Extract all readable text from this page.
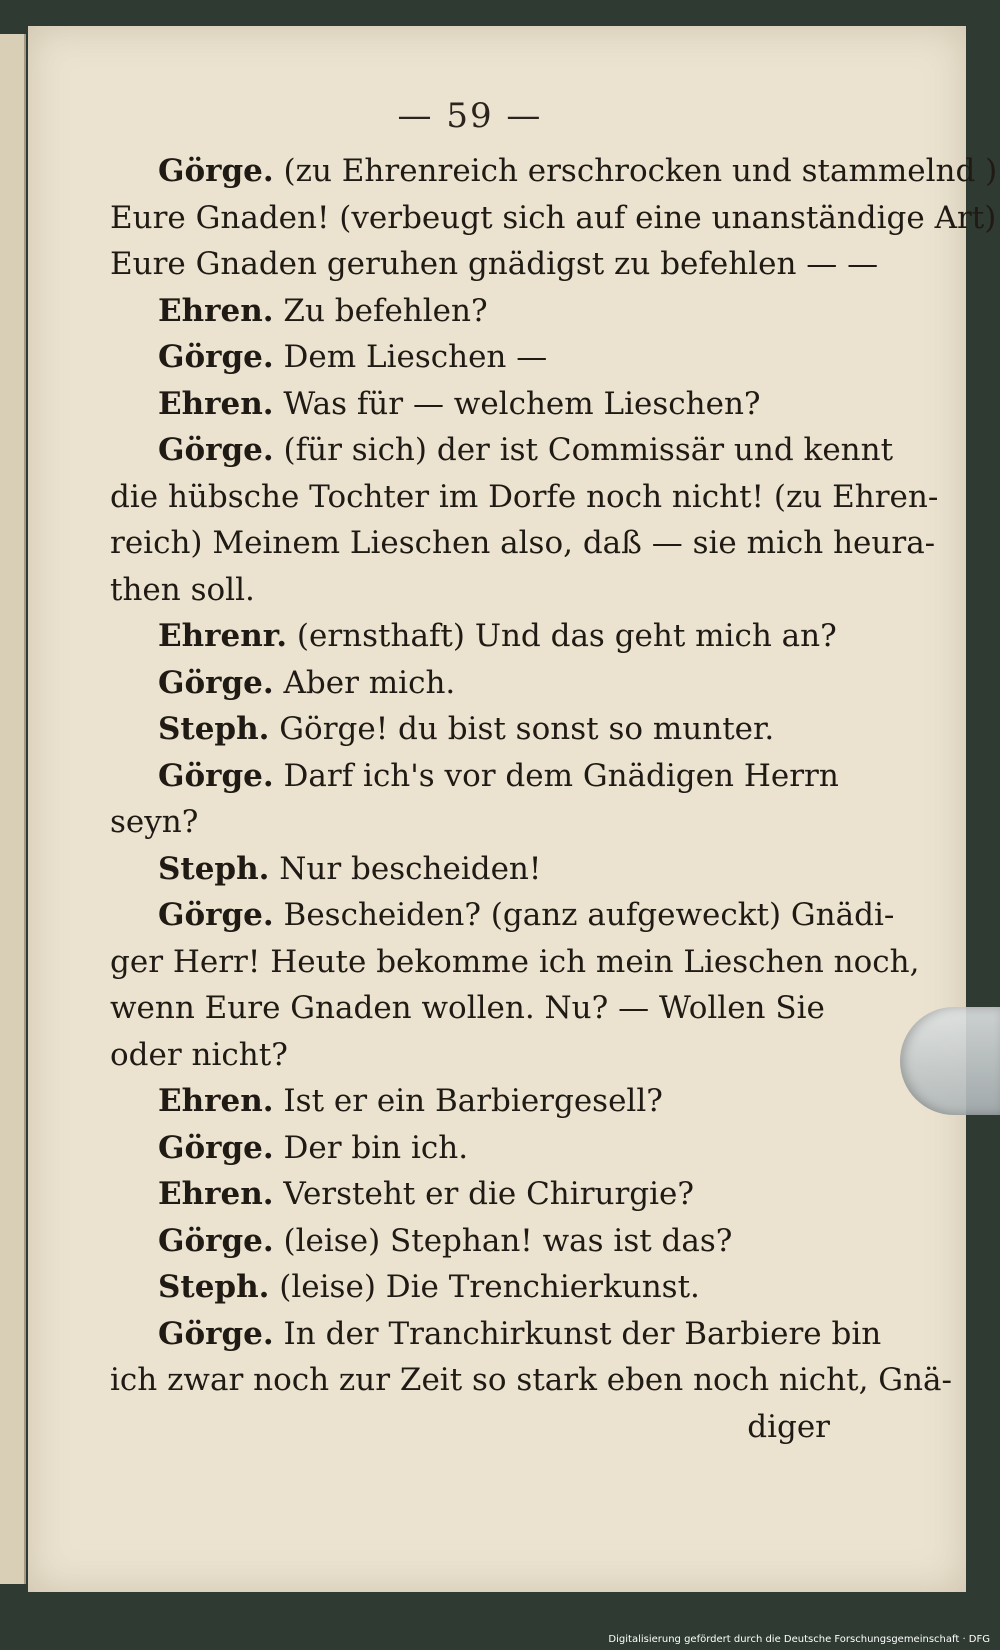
— 59 —
Görge. (zu Ehrenreich erschrocken und stammelnd )
Eure Gnaden! (verbeugt sich auf eine unanständige Art)
Eure Gnaden geruhen gnädigst zu befehlen — —
Ehren. Zu befehlen?
Görge. Dem Lieschen —
Ehren. Was für — welchem Lieschen?
Görge. (für sich) der ist Commissär und kennt
die hübsche Tochter im Dorfe noch nicht! (zu Ehren-
reich) Meinem Lieschen also, daß — sie mich heura-
then soll.
Ehrenr. (ernsthaft) Und das geht mich an?
Görge. Aber mich.
Steph. Görge! du bist sonst so munter.
Görge. Darf ich's vor dem Gnädigen Herrn
seyn?
Steph. Nur bescheiden!
Görge. Bescheiden? (ganz aufgeweckt) Gnädi-
ger Herr! Heute bekomme ich mein Lieschen noch,
wenn Eure Gnaden wollen. Nu? — Wollen Sie
oder nicht?
Ehren. Ist er ein Barbiergesell?
Görge. Der bin ich.
Ehren. Versteht er die Chirurgie?
Görge. (leise) Stephan! was ist das?
Steph. (leise) Die Trenchierkunst.
Görge. In der Tranchirkunst der Barbiere bin
ich zwar noch zur Zeit so stark eben noch nicht, Gnä-
diger
Digitalisierung gefördert durch die Deutsche Forschungsgemeinschaft · DFG
